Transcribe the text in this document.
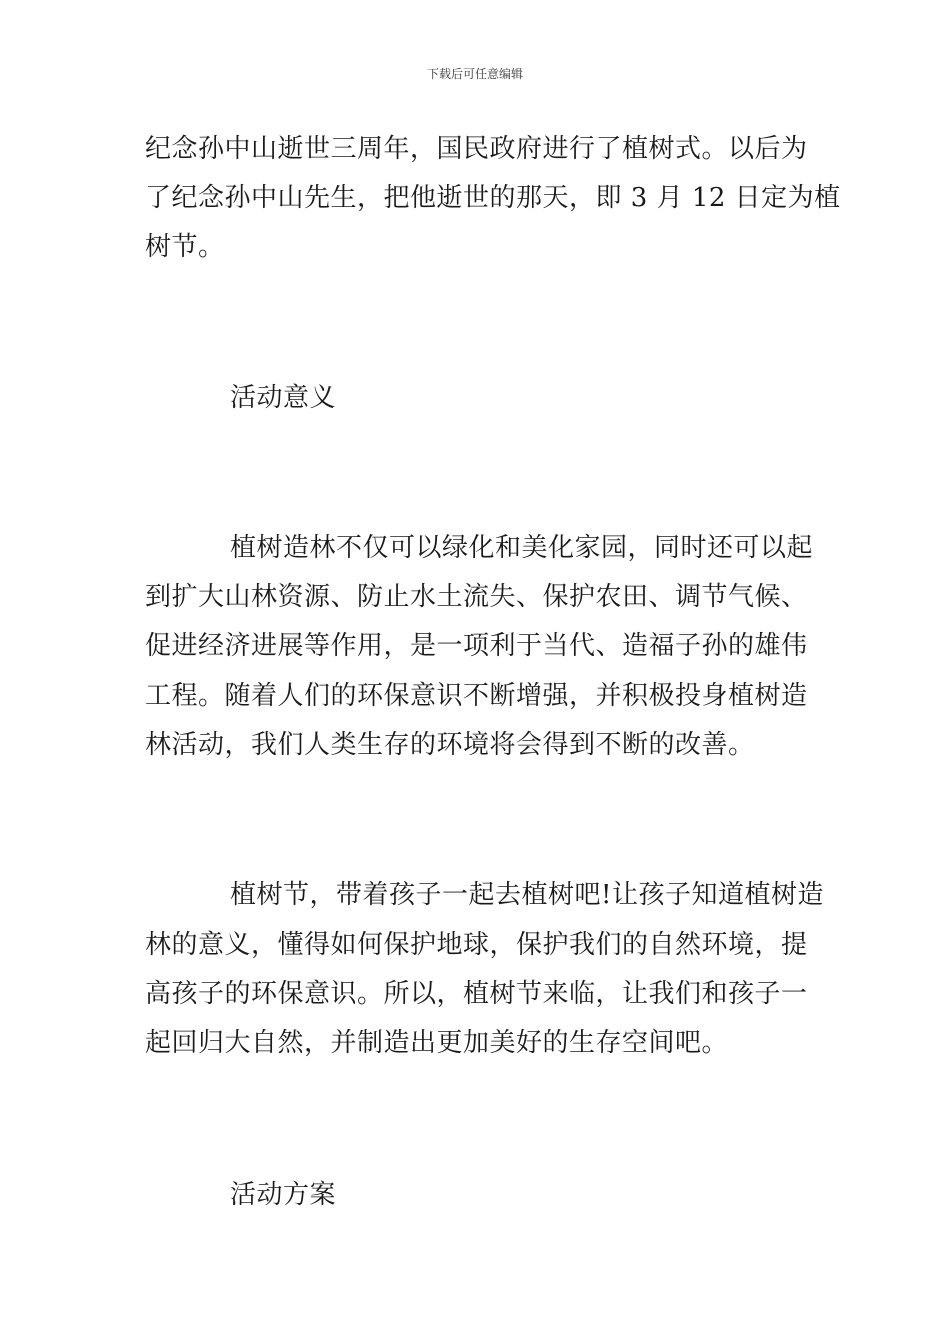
下载后可任意编辑
纪念孙中山逝世三周年，国民政府进行了植树式。以后为
了纪念孙中山先生，把他逝世的那天，即 3 月 12 日定为植
树节。
活动意义
植树造林不仅可以绿化和美化家园，同时还可以起
到扩大山林资源、防止水土流失、保护农田、调节气候、
促进经济进展等作用，是一项利于当代、造福子孙的雄伟
工程。随着人们的环保意识不断增强，并积极投身植树造
林活动，我们人类生存的环境将会得到不断的改善。
植树节，带着孩子一起去植树吧!让孩子知道植树造
林的意义，懂得如何保护地球，保护我们的自然环境，提
高孩子的环保意识。所以，植树节来临，让我们和孩子一
起回归大自然，并制造出更加美好的生存空间吧。
活动方案
